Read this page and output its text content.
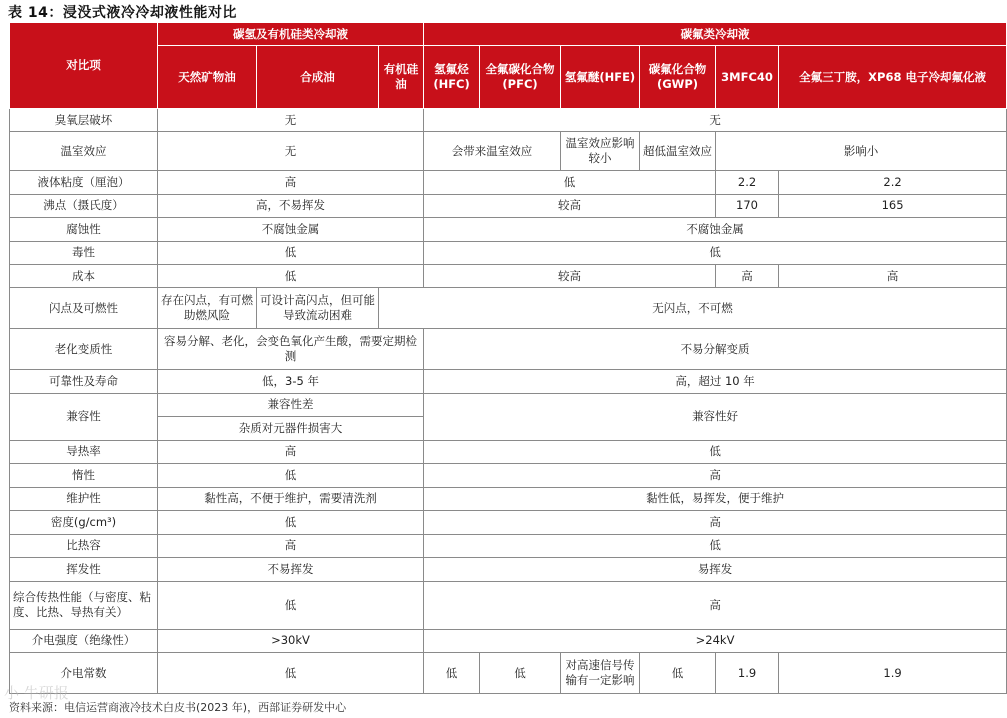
表 14：浸没式液冷冷却液性能对比
对比项	碳氢及有机硅类冷却液			碳氟类冷却液					
	天然矿物油	合成油	有机硅油	氢氟烃(HFC)	全氟碳化合物(PFC)	氢氟醚(HFE)	碳氟化合物(GWP)	3MFC40	全氟三丁胺，XP68 电子冷却氟化液
臭氧层破坏	无			无					
温室效应	无			会带来温室效应		温室效应影响较小	超低温室效应	影响小	
液体粘度（厘泡）	高			低				2.2	2.2
沸点（摄氏度）	高，不易挥发			较高				170	165
腐蚀性	不腐蚀金属			不腐蚀金属					
毒性	低			低					
成本	低			较高				高	高
闪点及可燃性	存在闪点，有可燃助燃风险	可设计高闪点，但可能导致流动困难	无闪点，不可燃						
老化变质性	容易分解、老化，会变色氧化产生酸，需要定期检测			不易分解变质					
可靠性及寿命	低，3-5 年			高，超过 10 年					
兼容性	兼容性差			兼容性好					
	杂质对元器件损害大								
导热率	高			低					
惰性	低			高					
维护性	黏性高，不便于维护，需要清洗剂			黏性低，易挥发，便于维护					
密度(g/cm³)	低			高					
比热容	高			低					
挥发性	不易挥发			易挥发					
综合传热性能（与密度、粘度、比热、导热有关）	低			高					
介电强度（绝缘性）	>30kV			>24kV					
介电常数	低			低	低	对高速信号传输有一定影响	低	1.9	1.9
小 牛研报
资料来源：电信运营商液冷技术白皮书(2023 年)，西部证券研发中心
